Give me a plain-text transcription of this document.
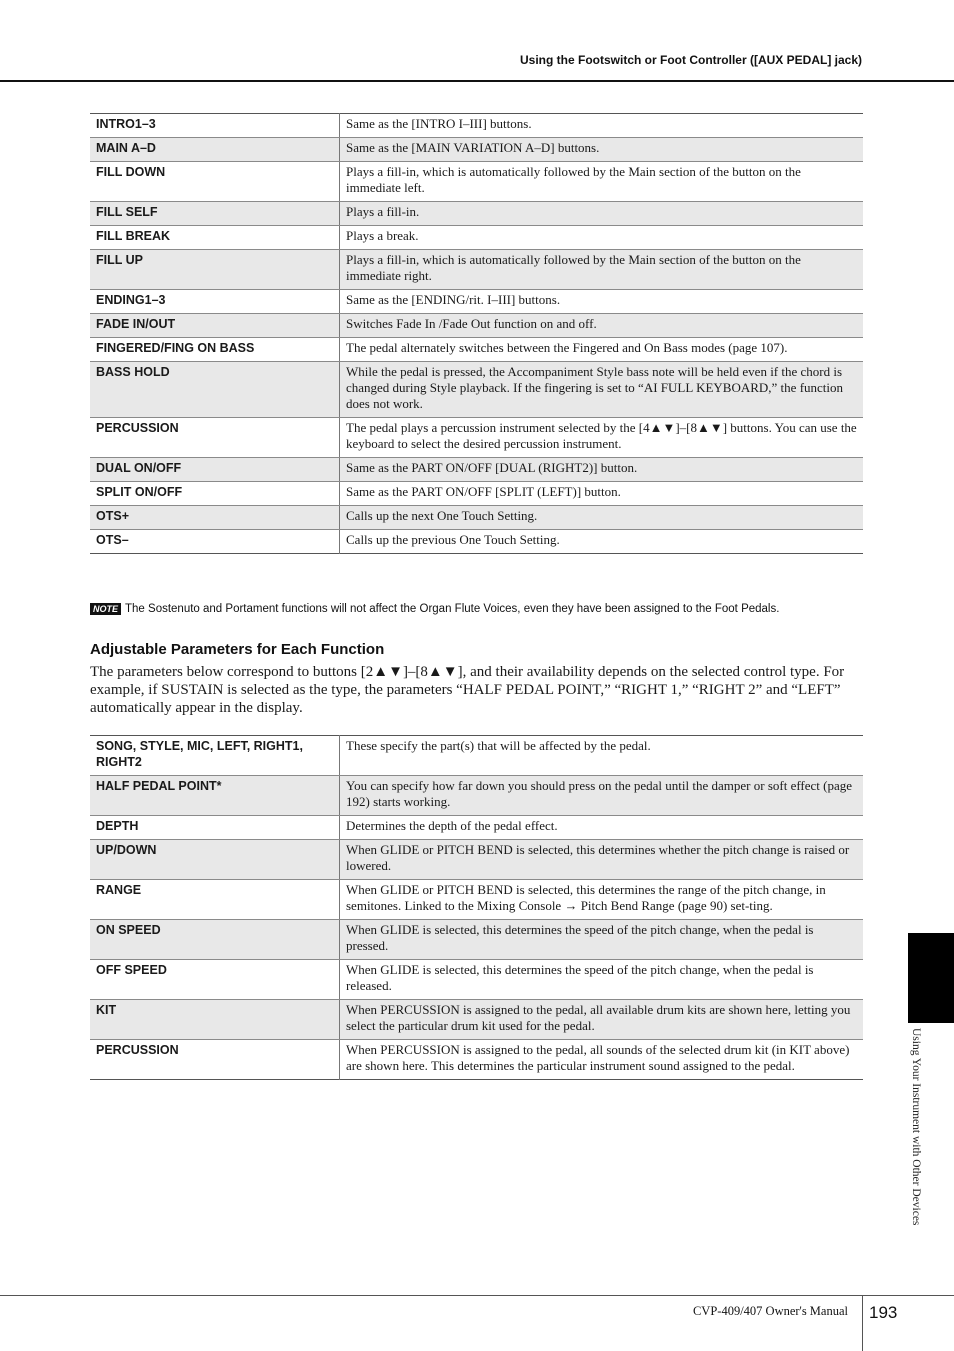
Using the Footswitch or Foot Controller ([AUX PEDAL] jack)
INTRO1–3	Same as the [INTRO I–III] buttons.
MAIN A–D	Same as the [MAIN VARIATION A–D] buttons.
FILL DOWN	Plays a fill-in, which is automatically followed by the Main section of the button on the immediate left.
FILL SELF	Plays a fill-in.
FILL BREAK	Plays a break.
FILL UP	Plays a fill-in, which is automatically followed by the Main section of the button on the immediate right.
ENDING1–3	Same as the [ENDING/rit. I–III] buttons.
FADE IN/OUT	Switches Fade In /Fade Out function on and off.
FINGERED/FING ON BASS	The pedal alternately switches between the Fingered and On Bass modes (page 107).
BASS HOLD	While the pedal is pressed, the Accompaniment Style bass note will be held even if the chord is changed during Style playback. If the fingering is set to “AI FULL KEYBOARD,” the function does not work.
PERCUSSION	The pedal plays a percussion instrument selected by the [4▲▼]–[8▲▼] buttons. You can use the keyboard to select the desired percussion instrument.
DUAL ON/OFF	Same as the PART ON/OFF [DUAL (RIGHT2)] button.
SPLIT ON/OFF	Same as the PART ON/OFF [SPLIT (LEFT)] button.
OTS+	Calls up the next One Touch Setting.
OTS–	Calls up the previous One Touch Setting.
NOTE The Sostenuto and Portament functions will not affect the Organ Flute Voices, even they have been assigned to the Foot Pedals.
Adjustable Parameters for Each Function
The parameters below correspond to buttons [2▲▼]–[8▲▼], and their availability depends on the selected control type. For example, if SUSTAIN is selected as the type, the parameters “HALF PEDAL POINT,” “RIGHT 1,” “RIGHT 2” and “LEFT” automatically appear in the display.
SONG, STYLE, MIC, LEFT, RIGHT1, RIGHT2	These specify the part(s) that will be affected by the pedal.
HALF PEDAL POINT*	You can specify how far down you should press on the pedal until the damper or soft effect (page 192) starts working.
DEPTH	Determines the depth of the pedal effect.
UP/DOWN	When GLIDE or PITCH BEND is selected, this determines whether the pitch change is raised or lowered.
RANGE	When GLIDE or PITCH BEND is selected, this determines the range of the pitch change, in semitones. Linked to the Mixing Console → Pitch Bend Range (page 90) set-ting.
ON SPEED	When GLIDE is selected, this determines the speed of the pitch change, when the pedal is pressed.
OFF SPEED	When GLIDE is selected, this determines the speed of the pitch change, when the pedal is released.
KIT	When PERCUSSION is assigned to the pedal, all available drum kits are shown here, letting you select the particular drum kit used for the pedal.
PERCUSSION	When PERCUSSION is assigned to the pedal, all sounds of the selected drum kit (in KIT above) are shown here. This determines the particular instrument sound assigned to the pedal.	Using Your Instrument with Other Devices
CVP-409/407 Owner's Manual 193
